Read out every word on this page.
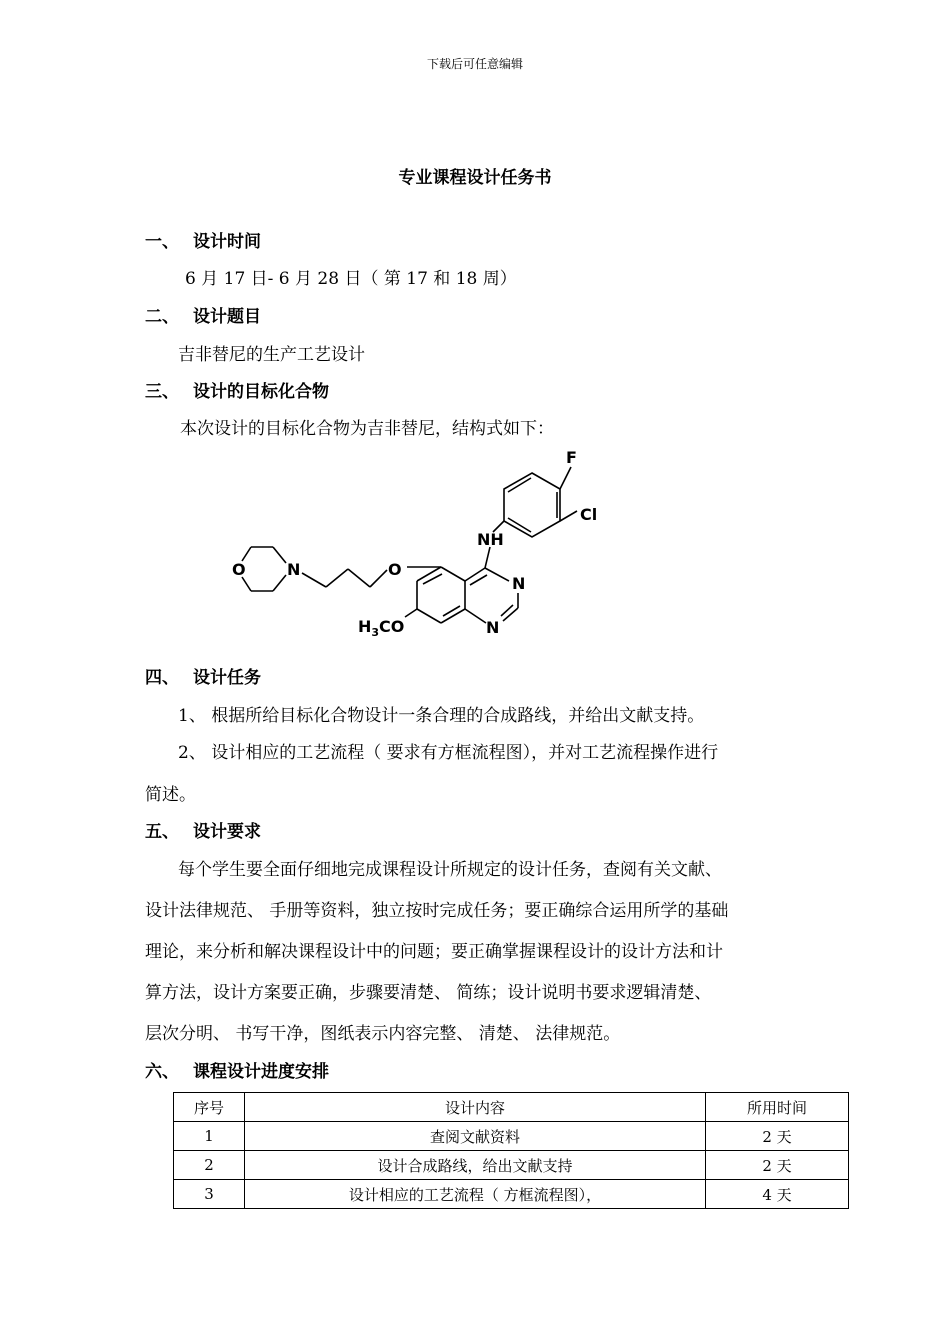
下载后可任意编辑
专业课程设计任务书
一、 设计时间
6 月 17 日- 6 月 28 日（ 第 17 和 18 周）
二、 设计题目
吉非替尼的生产工艺设计
三、 设计的目标化合物
本次设计的目标化合物为吉非替尼，结构式如下：
F
Cl
NH
N
N
O	N	O
$H_3CO$
四、 设计任务
1、 根据所给目标化合物设计一条合理的合成路线，并给出文献支持。
2、 设计相应的工艺流程（ 要求有方框流程图），并对工艺流程操作进行
简述。
五、 设计要求
每个学生要全面仔细地完成课程设计所规定的设计任务，查阅有关文献、
设计法律规范、 手册等资料，独立按时完成任务；要正确综合运用所学的基础
理论，来分析和解决课程设计中的问题；要正确掌握课程设计的设计方法和计
算方法，设计方案要正确，步骤要清楚、 简练；设计说明书要求逻辑清楚、
层次分明、 书写干净，图纸表示内容完整、 清楚、 法律规范。
六、 课程设计进度安排
序号	设计内容	所用时间
1	查阅文献资料	2 天
2	设计合成路线，给出文献支持	2 天
3	设计相应的工艺流程（ 方框流程图），	4 天
